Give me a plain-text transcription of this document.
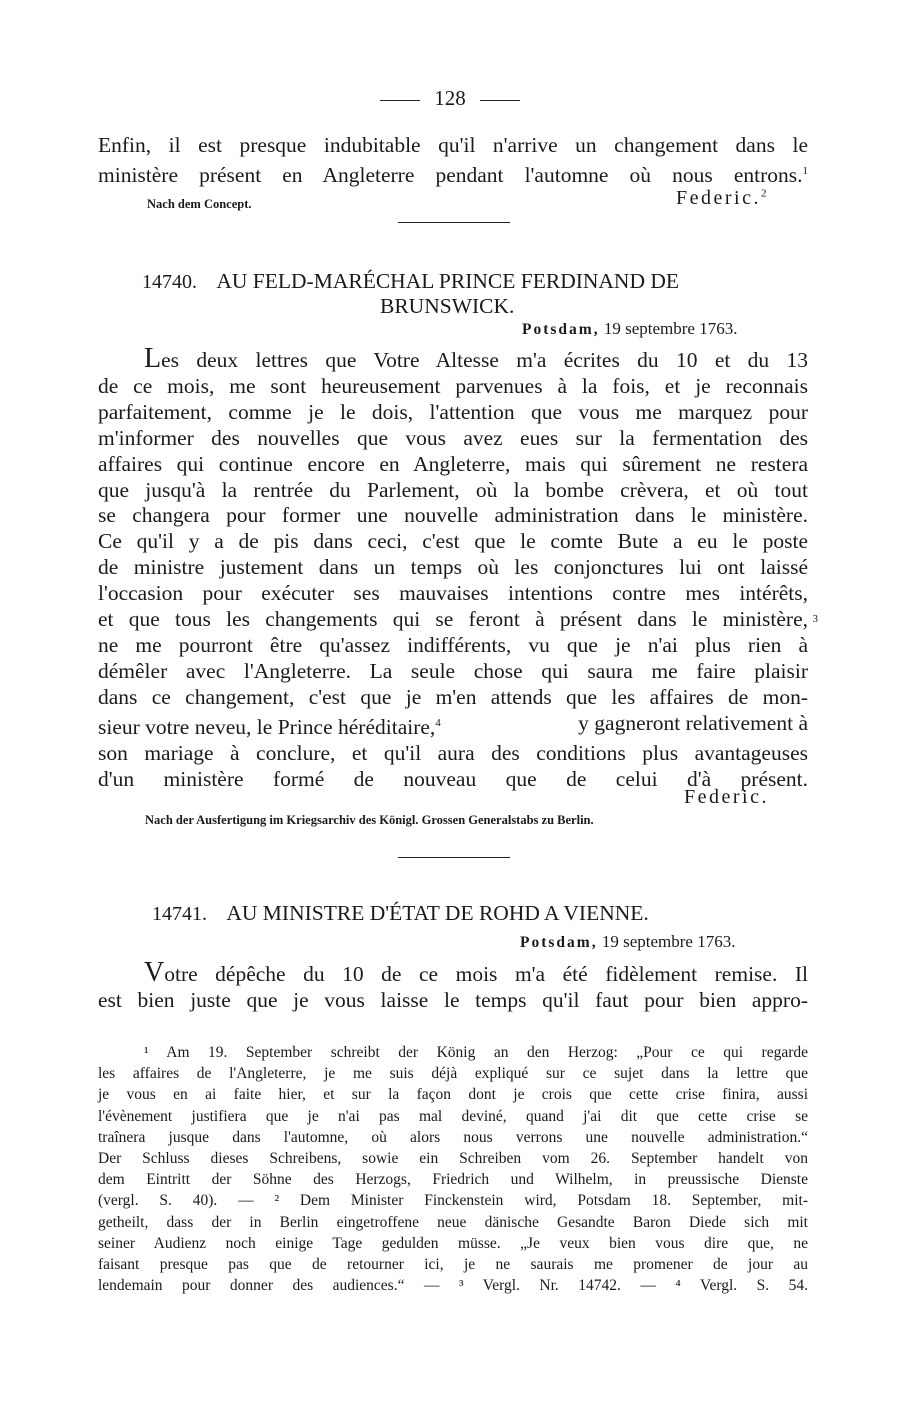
128
Enfin, il est presque indubitable qu'il n'arrive un changement dans le
ministère présent en Angleterre pendant l'automne où nous entrons.$^1$
Nach dem Concept.	Federic.$^2$
14740. AU FELD-MARÉCHAL PRINCE FERDINAND DE
BRUNSWICK.
Potsdam, 19 septembre 1763.
Les deux lettres que Votre Altesse m'a écrites du 10 et du 13
de ce mois, me sont heureusement parvenues à la fois, et je reconnais
parfaitement, comme je le dois, l'attention que vous me marquez pour
m'informer des nouvelles que vous avez eues sur la fermentation des
affaires qui continue encore en Angleterre, mais qui sûrement ne restera
que jusqu'à la rentrée du Parlement, où la bombe crèvera, et où tout
se changera pour former une nouvelle administration dans le ministère.
Ce qu'il y a de pis dans ceci, c'est que le comte Bute a eu le poste
de ministre justement dans un temps où les conjonctures lui ont laissé
l'occasion pour exécuter ses mauvaises intentions contre mes intérêts,
et que tous les changements qui se feront à présent dans le ministère, 3
ne me pourront être qu'assez indifférents, vu que je n'ai plus rien à
démêler avec l'Angleterre. La seule chose qui saura me faire plaisir
dans ce changement, c'est que je m'en attends que les affaires de mon-
sieur votre neveu, le Prince héréditaire,$^4$	y gagneront relativement à
son mariage à conclure, et qu'il aura des conditions plus avantageuses
d'un ministère formé de nouveau que de celui d'à présent.
Federic.
Nach der Ausfertigung im Kriegsarchiv des Königl. Grossen Generalstabs zu Berlin.
14741. AU MINISTRE D'ÉTAT DE ROHD A VIENNE.
Potsdam, 19 septembre 1763.
Votre dépêche du 10 de ce mois m'a été fidèlement remise. Il
est bien juste que je vous laisse le temps qu'il faut pour bien appro-
¹ Am 19. September schreibt der König an den Herzog: „Pour ce qui regarde
les affaires de l'Angleterre, je me suis déjà expliqué sur ce sujet dans la lettre que
je vous en ai faite hier, et sur la façon dont je crois que cette crise finira, aussi
l'évènement justifiera que je n'ai pas mal deviné, quand j'ai dit que cette crise se
traînera jusque dans l'automne, où alors nous verrons une nouvelle administration.“
Der Schluss dieses Schreibens, sowie ein Schreiben vom 26. September handelt von
dem Eintritt der Söhne des Herzogs, Friedrich und Wilhelm, in preussische Dienste
(vergl. S. 40). — ² Dem Minister Finckenstein wird, Potsdam 18. September, mit-
getheilt, dass der in Berlin eingetroffene neue dänische Gesandte Baron Diede sich mit
seiner Audienz noch einige Tage gedulden müsse. „Je veux bien vous dire que, ne
faisant presque pas que de retourner ici, je ne saurais me promener de jour au
lendemain pour donner des audiences.“ — ³ Vergl. Nr. 14742. — ⁴ Vergl. S. 54.
